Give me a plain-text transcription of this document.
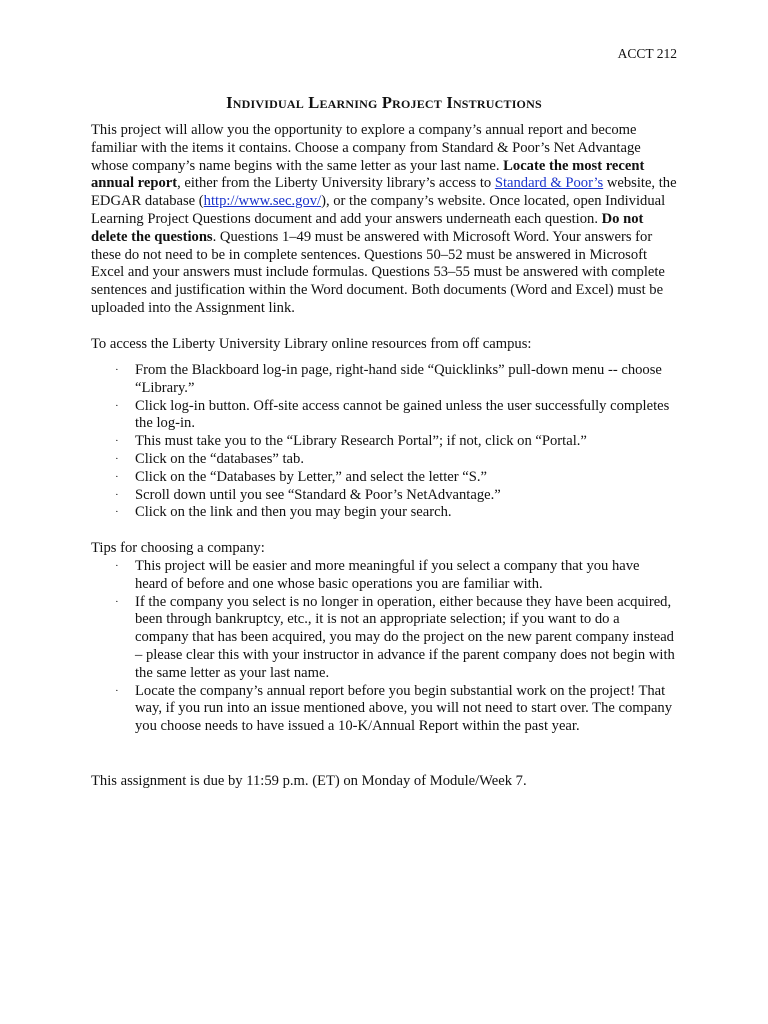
ACCT 212
Individual Learning Project Instructions
This project will allow you the opportunity to explore a company’s annual report and become familiar with the items it contains. Choose a company from Standard & Poor’s Net Advantage whose company’s name begins with the same letter as your last name. Locate the most recent annual report, either from the Liberty University library’s access to Standard & Poor’s website, the EDGAR database (http://www.sec.gov/), or the company’s website. Once located, open Individual Learning Project Questions document and add your answers underneath each question. Do not delete the questions. Questions 1–49 must be answered with Microsoft Word. Your answers for these do not need to be in complete sentences. Questions 50–52 must be answered in Microsoft Excel and your answers must include formulas. Questions 53–55 must be answered with complete sentences and justification within the Word document. Both documents (Word and Excel) must be uploaded into the Assignment link.
To access the Liberty University Library online resources from off campus:
· From the Blackboard log-in page, right-hand side “Quicklinks” pull-down menu -- choose “Library.”
· Click log-in button. Off-site access cannot be gained unless the user successfully completes the log-in.
· This must take you to the “Library Research Portal”; if not, click on “Portal.”
· Click on the “databases” tab.
· Click on the “Databases by Letter,” and select the letter “S.”
· Scroll down until you see “Standard & Poor’s NetAdvantage.”
· Click on the link and then you may begin your search.
Tips for choosing a company:
· This project will be easier and more meaningful if you select a company that you have heard of before and one whose basic operations you are familiar with.
· If the company you select is no longer in operation, either because they have been acquired, been through bankruptcy, etc., it is not an appropriate selection; if you want to do a company that has been acquired, you may do the project on the new parent company instead – please clear this with your instructor in advance if the parent company does not begin with the same letter as your last name.
· Locate the company’s annual report before you begin substantial work on the project! That way, if you run into an issue mentioned above, you will not need to start over. The company you choose needs to have issued a 10-K/Annual Report within the past year.
This assignment is due by 11:59 p.m. (ET) on Monday of Module/Week 7.
